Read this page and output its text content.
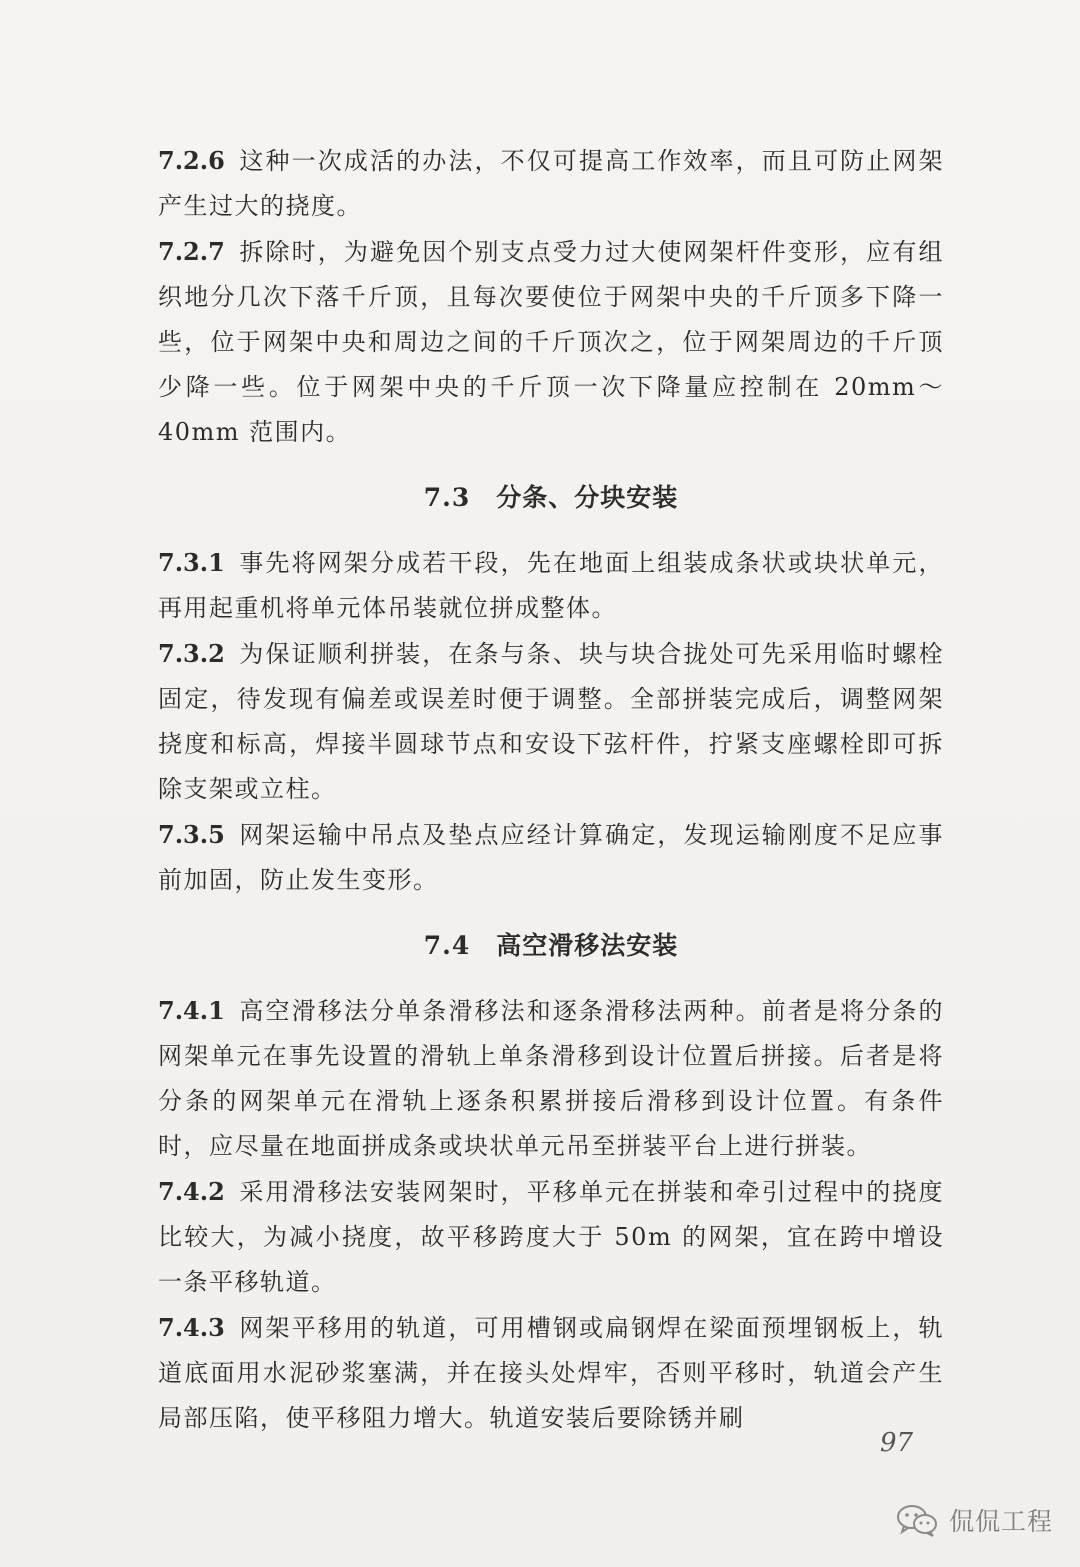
7.2.6 这种一次成活的办法，不仅可提高工作效率，而且可防止网架产生过大的挠度。

7.2.7 拆除时，为避免因个别支点受力过大使网架杆件变形，应有组织地分几次下落千斤顶，且每次要使位于网架中央的千斤顶多下降一些，位于网架中央和周边之间的千斤顶次之，位于网架周边的千斤顶少降一些。位于网架中央的千斤顶一次下降量应控制在 20mm～40mm 范围内。

7.3 分条、分块安装

7.3.1 事先将网架分成若干段，先在地面上组装成条状或块状单元，再用起重机将单元体吊装就位拼成整体。

7.3.2 为保证顺利拼装，在条与条、块与块合拢处可先采用临时螺栓固定，待发现有偏差或误差时便于调整。全部拼装完成后，调整网架挠度和标高，焊接半圆球节点和安设下弦杆件，拧紧支座螺栓即可拆除支架或立柱。

7.3.5 网架运输中吊点及垫点应经计算确定，发现运输刚度不足应事前加固，防止发生变形。

7.4 高空滑移法安装

7.4.1 高空滑移法分单条滑移法和逐条滑移法两种。前者是将分条的网架单元在事先设置的滑轨上单条滑移到设计位置后拼接。后者是将分条的网架单元在滑轨上逐条积累拼接后滑移到设计位置。有条件时，应尽量在地面拼成条或块状单元吊至拼装平台上进行拼装。

7.4.2 采用滑移法安装网架时，平移单元在拼装和牵引过程中的挠度比较大，为减小挠度，故平移跨度大于 50m 的网架，宜在跨中增设一条平移轨道。

7.4.3 网架平移用的轨道，可用槽钢或扁钢焊在梁面预埋钢板上，轨道底面用水泥砂浆塞满，并在接头处焊牢，否则平移时，轨道会产生局部压陷，使平移阻力增大。轨道安装后要除锈并刷

97
侃侃工程
